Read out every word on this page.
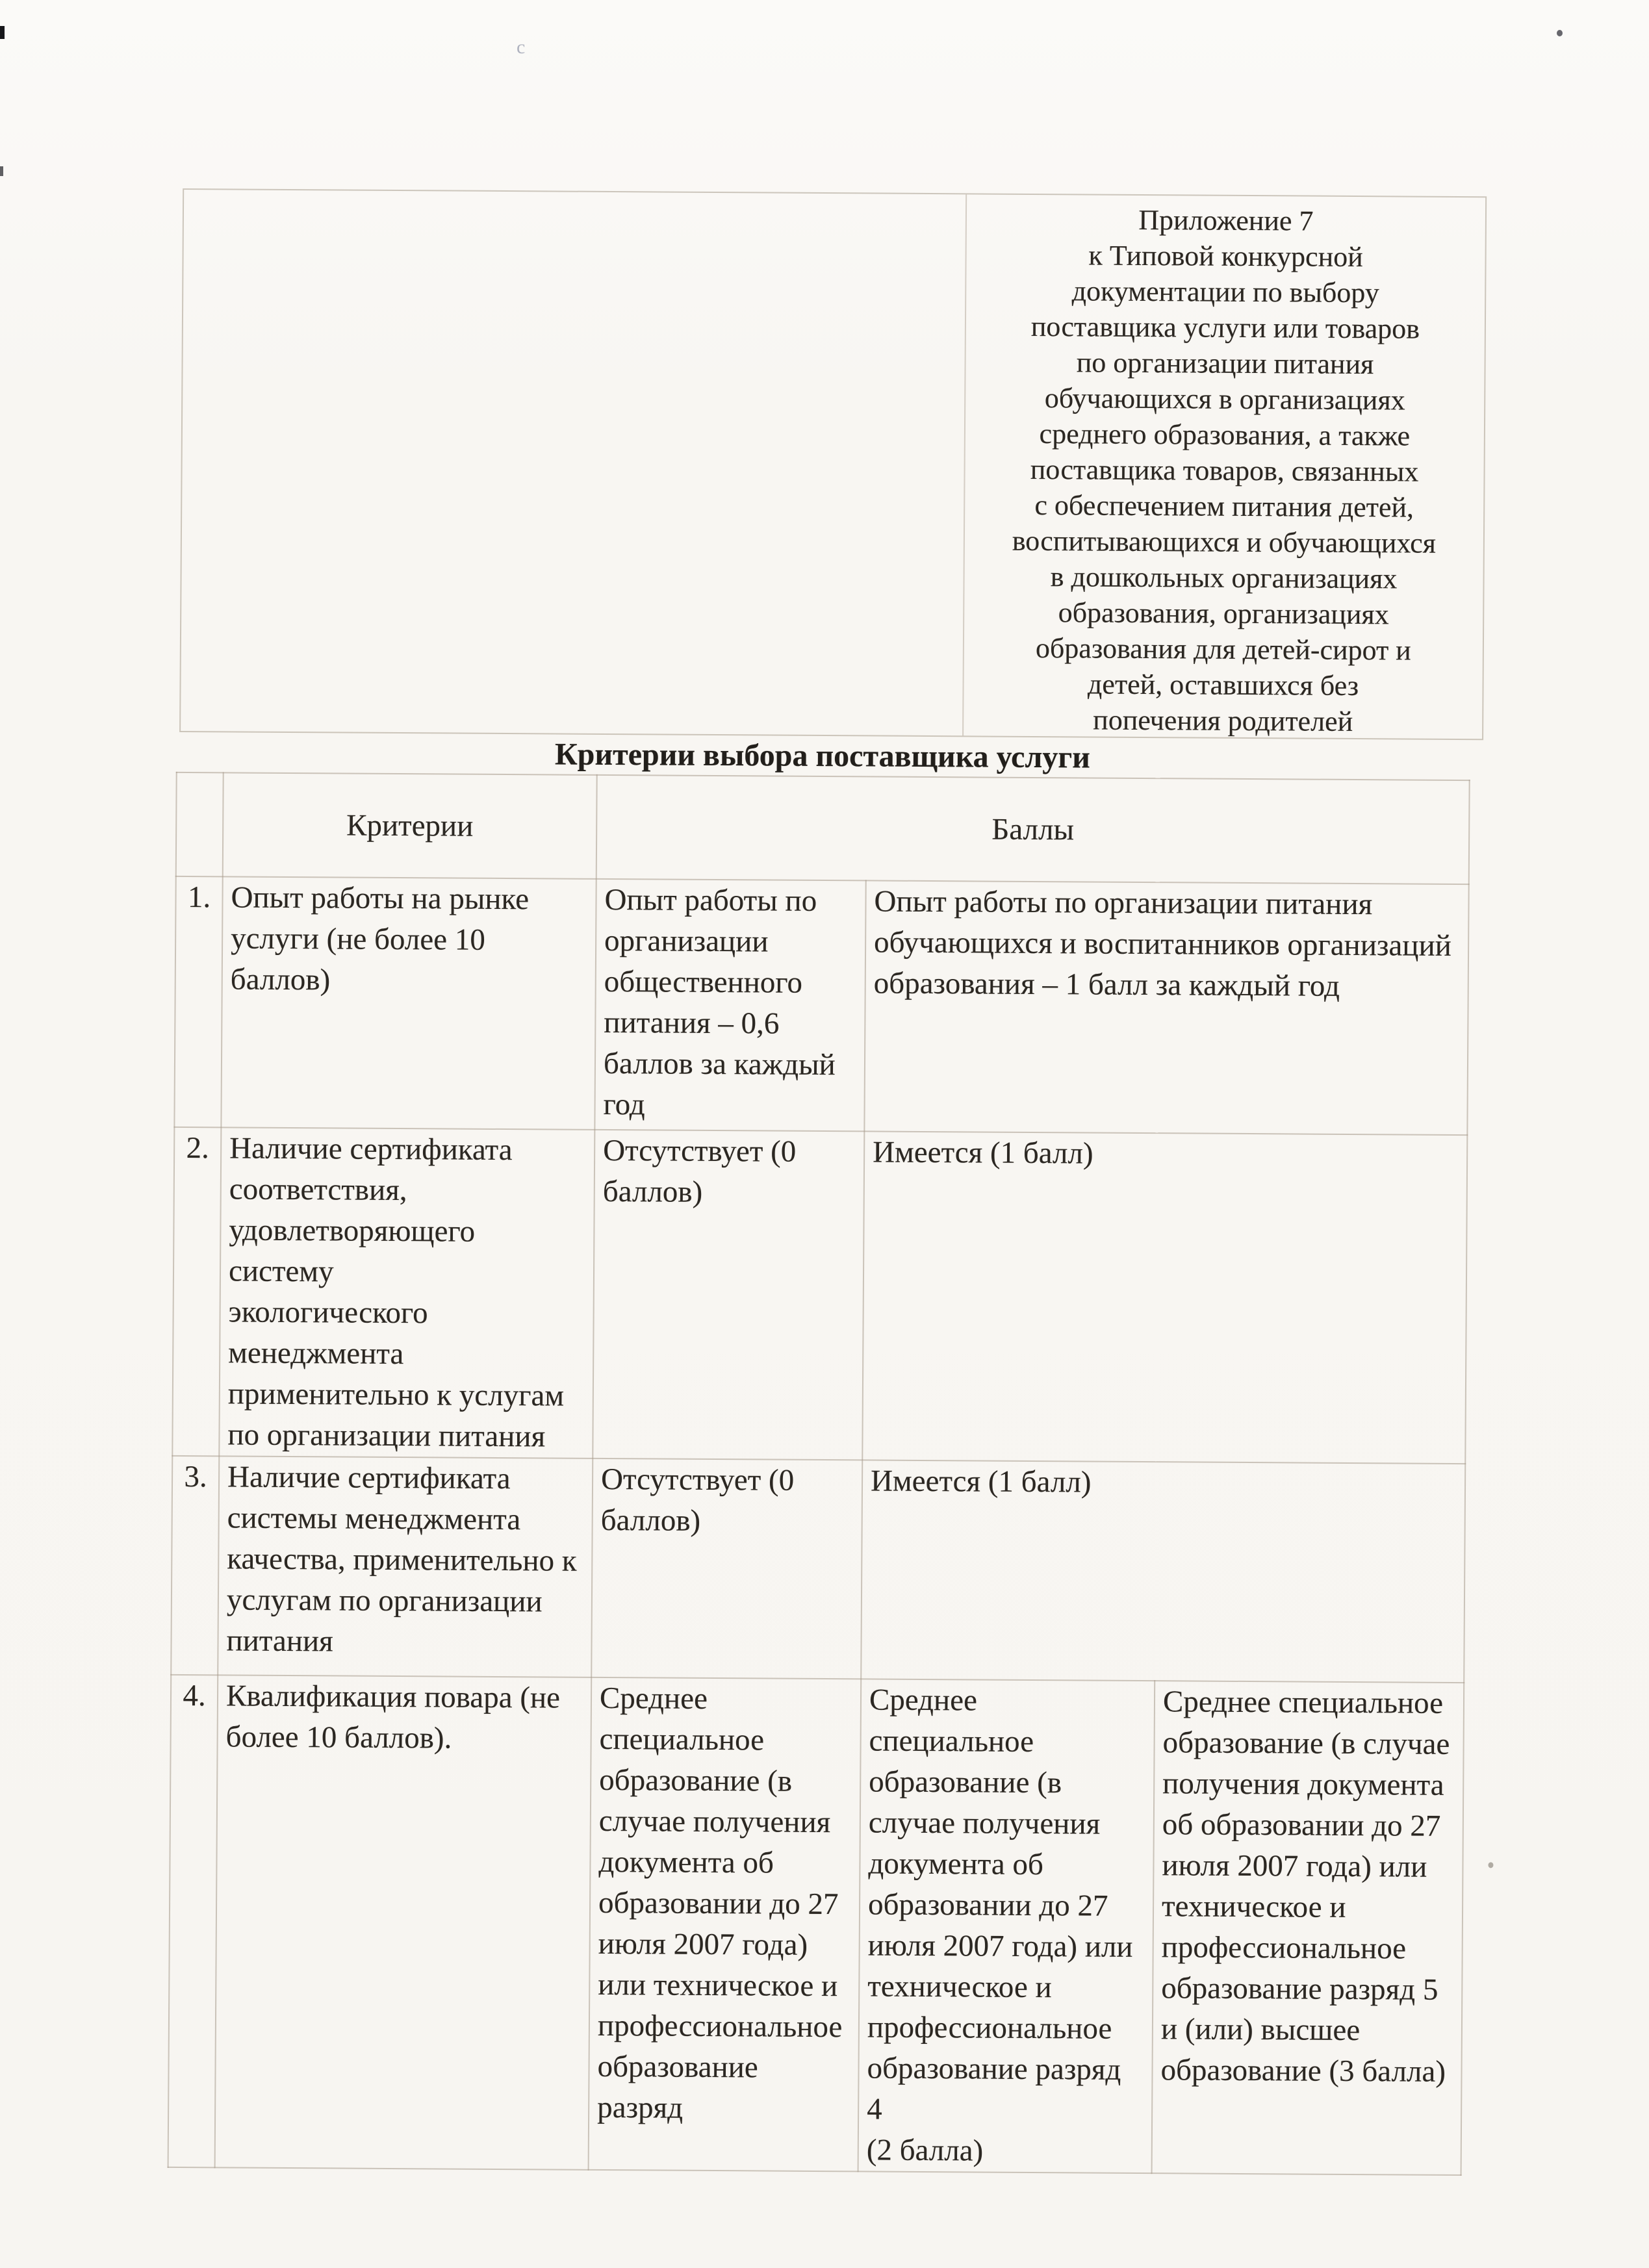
Приложение 7
к Типовой конкурсной
документации по выбору
поставщика услуги или товаров
по организации питания
обучающихся в организациях
среднего образования, а также
поставщика товаров, связанных
с обеспечением питания детей,
воспитывающихся и обучающихся
в дошкольных организациях
образования, организациях
образования для детей-сирот и
детей, оставшихся без
попечения родителей
Критерии выбора поставщика услуги
	Критерии	Баллы		
1.	Опыт работы на рынке
услуги (не более 10 баллов)	Опыт работы по
организации
общественного
питания – 0,6
баллов за каждый
год	Опыт работы по организации питания
обучающихся и воспитанников организаций
образования – 1 балл за каждый год
2.	Наличие сертификата
соответствия,
удовлетворяющего систему
экологического
менеджмента
применительно к услугам
по организации питания	Отсутствует (0
баллов)	Имеется (1 балл)
3.	Наличие сертификата
системы менеджмента
качества, применительно к
услугам по организации
питания	Отсутствует (0
баллов)	Имеется (1 балл)	
4.	Квалификация повара (не
более 10 баллов).	Среднее
специальное
образование (в
случае получения
документа об
образовании до 27
июля 2007 года)
или техническое и
профессиональное
образование разряд	Среднее специальное
образование (в
случае получения
документа об
образовании до 27
июля 2007 года) или
техническое и
профессиональное
образование разряд 4
(2 балла)	Среднее специальное
образование (в случае
получения документа
об образовании до 27
июля 2007 года) или
техническое и
профессиональное
образование разряд 5
и (или) высшее
образование (3 балла)
c
